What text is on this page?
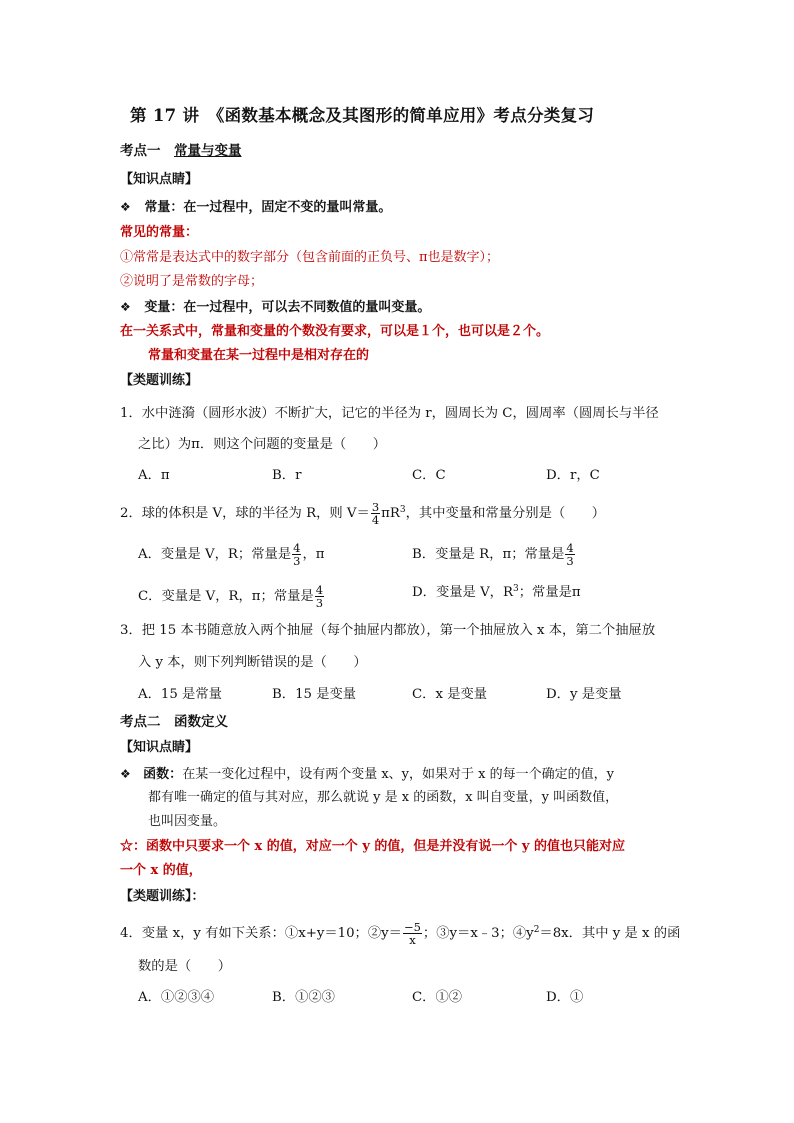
第 17 讲　《函数基本概念及其图形的简单应用》考点分类复习
考点一　常量与变量
【知识点睛】
❖ 常量：在一过程中，固定不变的量叫常量。
常见的常量：
①常常是表达式中的数字部分（包含前面的正负号、π也是数字）；
②说明了是常数的字母；
❖ 变量：在一过程中，可以去不同数值的量叫变量。
在一关系式中，常量和变量的个数没有要求，可以是１个，也可以是２个。
常量和变量在某一过程中是相对存在的
【类题训练】
1．水中涟漪（圆形水波）不断扩大，记它的半径为 r，圆周长为 C，圆周率（圆周长与半径
之比）为π．则这个问题的变量是（　　）
A．π	B．r	C．C	D．r，C
2．球的体积是 V，球的半径为 R，则 $V= \frac{3}{4} \pi R^3$，其中变量和常量分别是（　　）
A．变量是 V，R；常量是 $\frac{4}{3}$ ，π	B．变量是 R，π；常量是 $\frac{4}{3}$
C．变量是 V，R，π；常量是 $\frac{4}{3}$	D．变量是 V，$R^3$；常量是π
3．把 15 本书随意放入两个抽屉（每个抽屉内都放），第一个抽屉放入 x 本，第二个抽屉放
入 y 本，则下列判断错误的是（　　）
A．15 是常量	B．15 是变量	C．x 是变量	D．y 是变量
考点二　函数定义
【知识点睛】
❖ 函数：在某一变化过程中，设有两个变量 x、y，如果对于 x 的每一个确定的值，y
都有唯一确定的值与其对应，那么就说 y 是 x 的函数，x 叫自变量，y 叫函数值，
也叫因变量。
☆：函数中只要求一个 x 的值，对应一个 y 的值，但是并没有说一个 y 的值也只能对应
一个 x 的值，
【类题训练】：
4．变量 x，y 有如下关系：①x+y＝10；②y＝ $\frac{-5}{x}$ ；③y＝x﹣3；$④y^2=8x$．其中 y 是 x 的函
数的是（　　）
A．①②③④	B．①②③	C．①②	D．①
